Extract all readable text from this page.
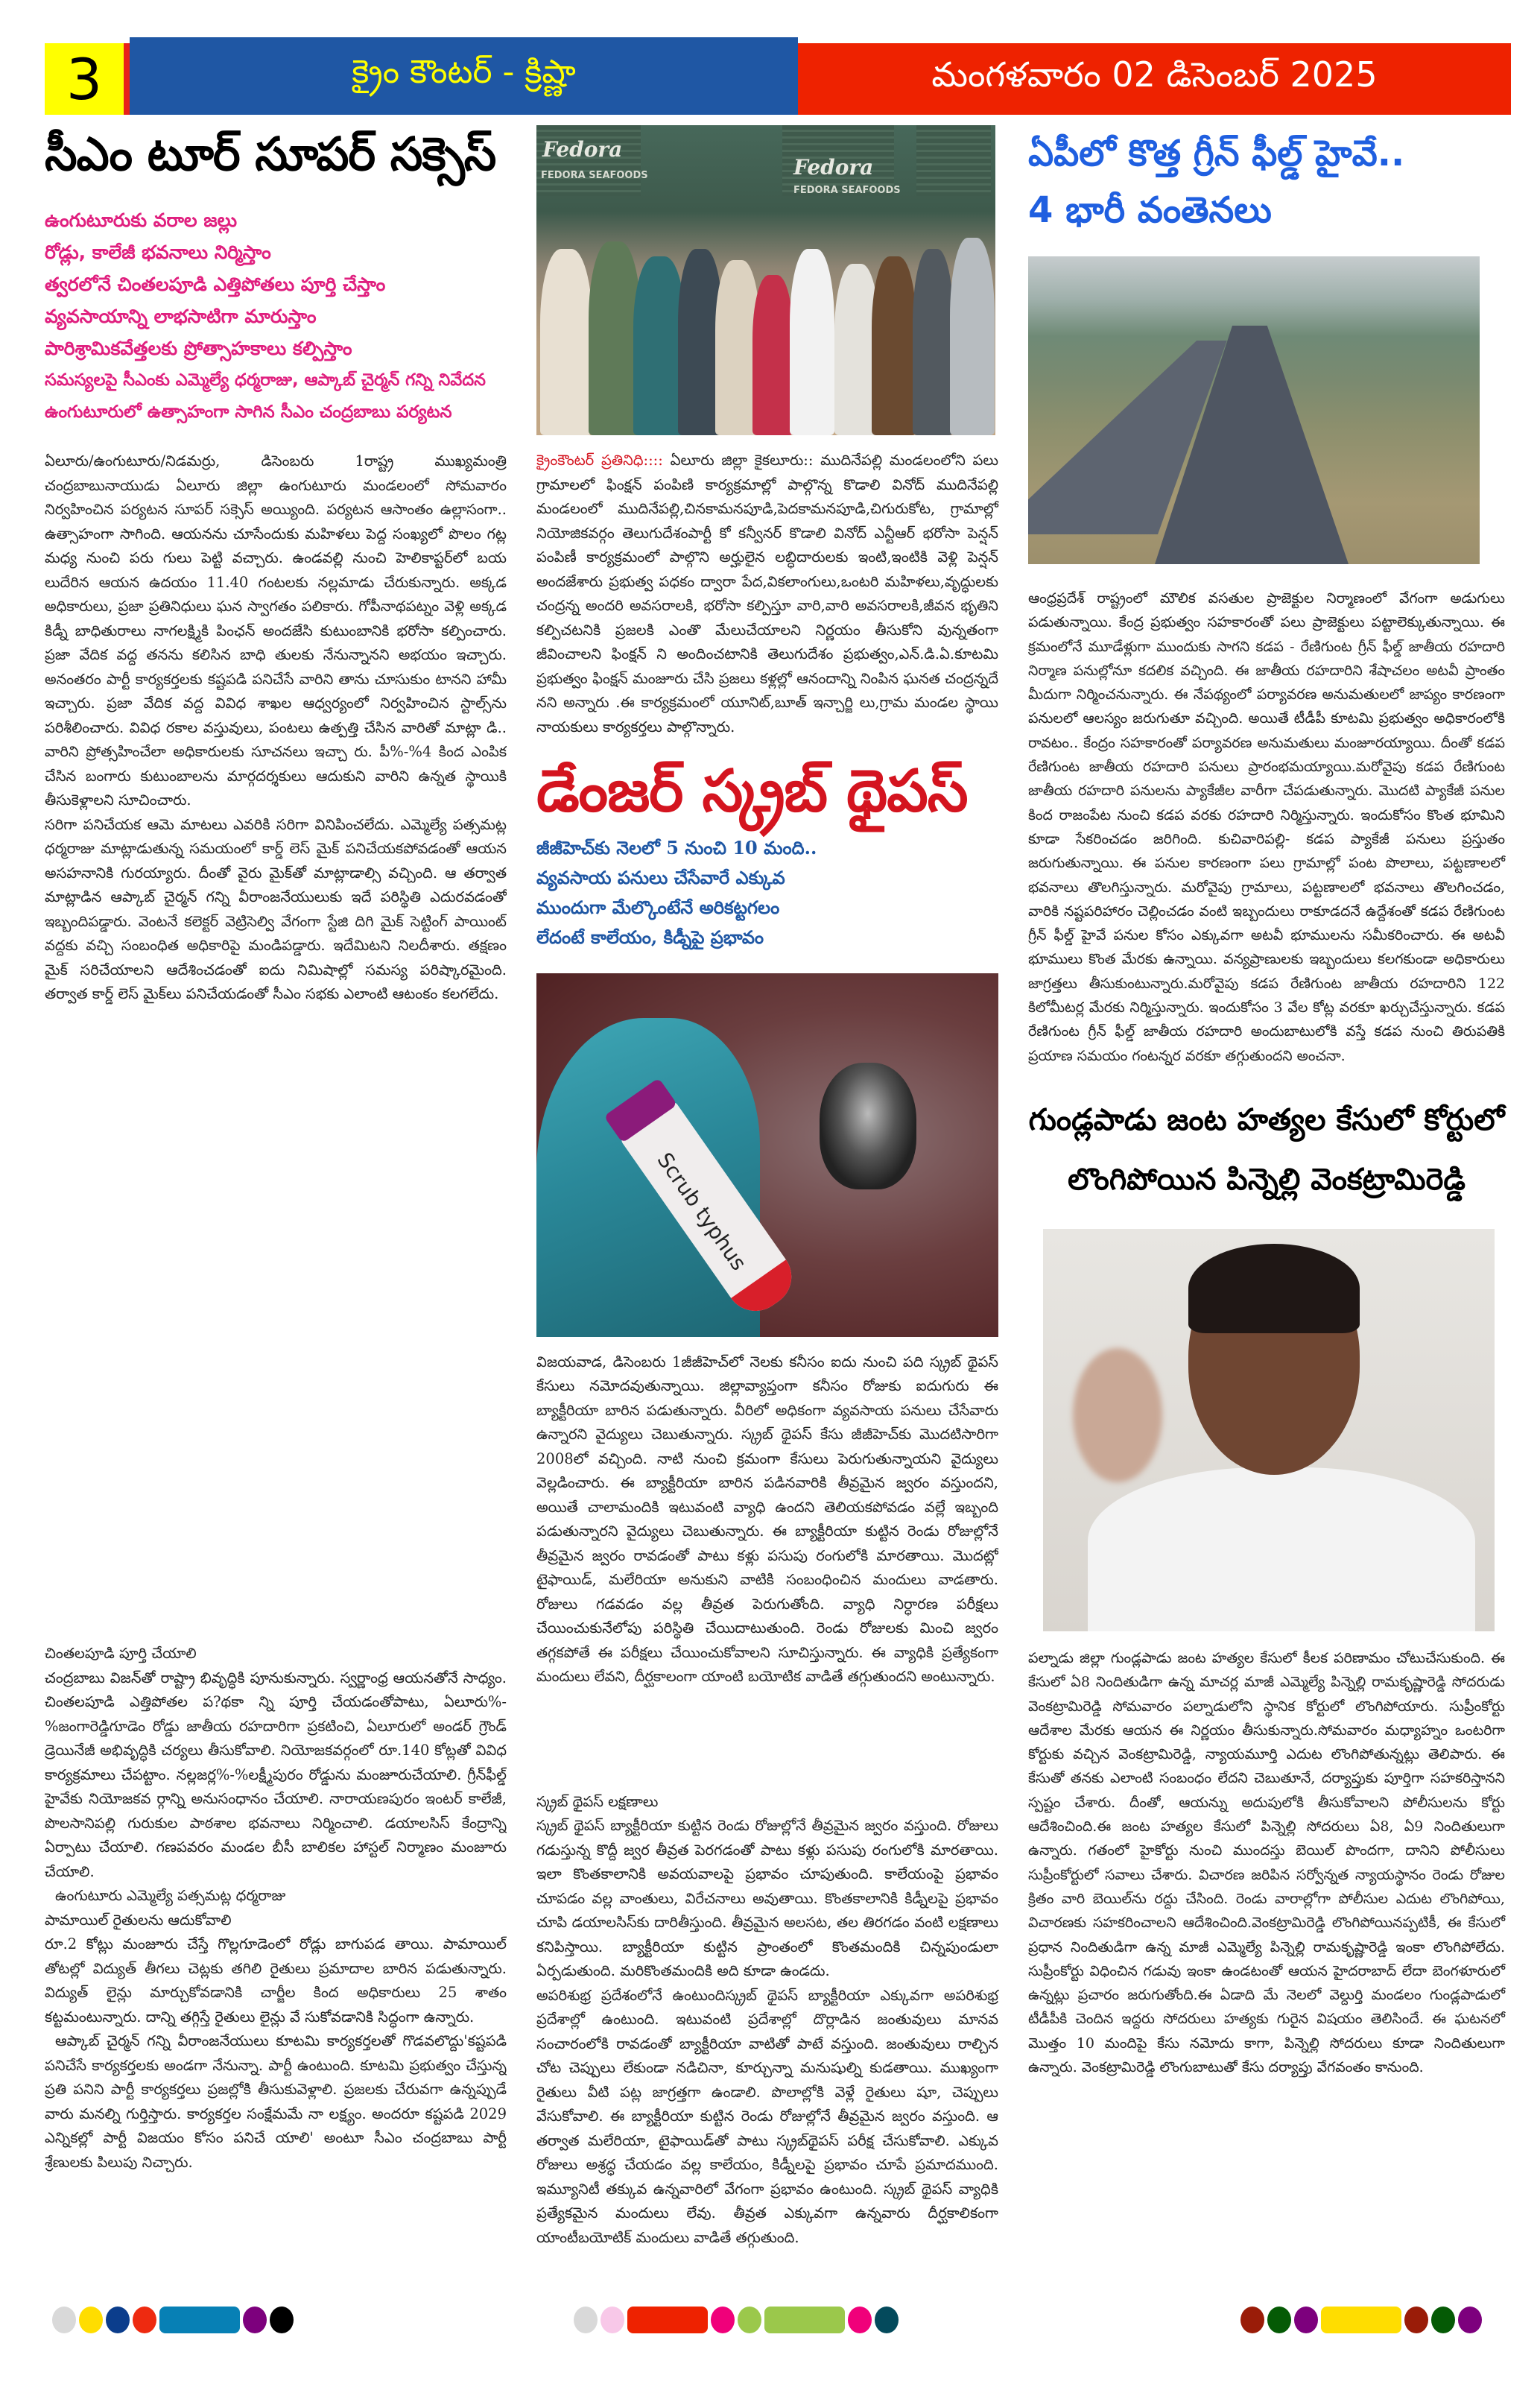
3	క్రైం కౌంటర్ - క్రిష్ణా	మంగళవారం 02 డిసెంబర్ 2025
సీఎం టూర్ సూపర్ సక్సెస్
ఉంగుటూరుకు వరాల జల్లు
రోడ్లు, కాలేజీ భవనాలు నిర్మిస్తాం
త్వరలోనే చింతలపూడి ఎత్తిపోతలు పూర్తి చేస్తాం
వ్యవసాయాన్ని లాభసాటిగా మారుస్తాం
పారిశ్రామికవేత్తలకు ప్రోత్సాహకాలు కల్పిస్తాం
సమస్యలపై సీఎంకు ఎమ్మెల్యే ధర్మరాజు, ఆప్కాబ్ చైర్మన్ గన్ని నివేదన
ఉంగుటూరులో ఉత్సాహంగా సాగిన సీఎం చంద్రబాబు పర్యటన

ఏలూరు/ఉంగుటూరు/నిడమర్రు, డిసెంబరు 1రాష్ట్ర ముఖ్యమంత్రి చంద్రబాబునాయుడు ఏలూరు జిల్లా ఉంగుటూరు మండలంలో సోమవారం నిర్వహించిన పర్యటన సూపర్ సక్సెస్ అయ్యింది. పర్యటన ఆసాంతం ఉల్లాసంగా.. ఉత్సాహంగా సాగింది. ఆయనను చూసేందుకు మహిళలు పెద్ద సంఖ్యలో పొలం గట్ల మధ్య నుంచి పరు గులు పెట్టి వచ్చారు. ఉండవల్లి నుంచి హెలికాప్టర్‌లో బయ లుదేరిన ఆయన ఉదయం 11.40 గంటలకు నల్లమాడు చేరుకున్నారు. అక్కడ అధికారులు, ప్రజా ప్రతినిధులు ఘన స్వాగతం పలికారు. గోపీనాథపట్నం వెళ్లి అక్కడ కిడ్నీ బాధితురాలు నాగలక్ష్మికి పింఛన్ అందజేసి కుటుంబానికి భరోసా కల్పించారు. ప్రజా వేదిక వద్ద తనను కలిసిన బాధి తులకు నేనున్నానని అభయం ఇచ్చారు. అనంతరం పార్టీ కార్యకర్తలకు కష్టపడి పనిచేసే వారిని తాను చూసుకుం టానని హామీ ఇచ్చారు. ప్రజా వేదిక వద్ద వివిధ శాఖల ఆధ్వర్యంలో నిర్వహించిన స్టాల్స్‌ను పరిశీలించారు. వివిధ రకాల వస్తువులు, పంటలు ఉత్పత్తి చేసిన వారితో మాట్లా డి.. వారిని ప్రోత్సహించేలా అధికారులకు సూచనలు ఇచ్చా రు. పీ%-%4 కింద ఎంపిక చేసిన బంగారు కుటుంబాలను మార్గదర్శకులు ఆదుకుని వారిని ఉన్నత స్థాయికి తీసుకెళ్లాలని సూచించారు.

సరిగా పనిచేయక ఆమె మాటలు ఎవరికి సరిగా వినిపించలేదు. ఎమ్మెల్యే పత్సమట్ల ధర్మరాజు మాట్లాడుతున్న సమయంలో కార్డ్ లెస్ మైక్ పనిచేయకపోవడంతో ఆయన అసహనానికి గురయ్యారు. దీంతో వైరు మైక్‌తో మాట్లాడాల్సి వచ్చింది. ఆ తర్వాత మాట్లాడిన ఆప్కాబ్ చైర్మన్ గన్ని వీరాంజనేయులుకు ఇదే పరిస్థితి ఎదురవడంతో ఇబ్బందిపడ్డారు. వెంటనే కలెక్టర్ వెట్రిసెల్వి వేగంగా స్టేజి దిగి మైక్ సెట్టింగ్ పాయింట్ వద్దకు వచ్చి సంబంధిత అధికారిపై మండిపడ్డారు. ఇదేమిటని నిలదీశారు. తక్షణం మైక్ సరిచేయాలని ఆదేశించడంతో ఐదు నిమిషాల్లో సమస్య పరిష్కారమైంది. తర్వాత కార్డ్ లెస్ మైక్‌లు పనిచేయడంతో సీఎం సభకు ఎలాంటి ఆటంకం కలగలేదు.

చింతలపూడి పూర్తి చేయాలి

చంద్రబాబు విజన్‌తో రాష్ట్రా భివృద్ధికి పూనుకున్నారు. స్వర్ణాంధ్ర ఆయనతోనే సాధ్యం. చింతలపూడి ఎత్తిపోతల ప?థకా న్ని పూర్తి చేయడంతోపాటు, ఏలూరు%-%జంగారెడ్డిగూడెం రోడ్డు జాతీయ రహదారిగా ప్రకటించి, ఏలూరులో అండర్ గ్రౌండ్ డ్రెయినేజీ అభివృద్ధికి చర్యలు తీసుకోవాలి. నియోజకవర్గంలో రూ.140 కోట్లతో వివిధ కార్యక్రమాలు చేపట్టాం. నల్లజర్ల%-%లక్ష్మీపురం రోడ్డును మంజూరుచేయాలి. గ్రీన్‌ఫీల్డ్ హైవేకు నియోజకవ ర్గాన్ని అనుసంధానం చేయాలి. నారాయణపురం ఇంటర్ కాలేజీ, పొలసానిపల్లి గురుకుల పాఠశాల భవనాలు నిర్మించాలి. డయాలసిస్ కేంద్రాన్ని ఏర్పాటు చేయాలి. గణపవరం మండల బీసీ బాలికల హాస్టల్ నిర్మాణం మంజూరు చేయాలి.

ఉంగుటూరు ఎమ్మెల్యే పత్సమట్ల ధర్మరాజు
పామాయిల్ రైతులను ఆదుకోవాలి

రూ.2 కోట్లు మంజూరు చేస్తే గొల్లగూడెంలో రోడ్లు బాగుపడ తాయి. పామాయిల్ తోటల్లో విద్యుత్ తీగలు చెట్లకు తగిలి రైతులు ప్రమాదాల బారిన పడుతున్నారు. విద్యుత్ లైన్లు మార్చుకోవడానికి చార్జీల కింద అధికారులు 25 శాతం కట్టమంటున్నారు. దాన్ని తగ్గిస్తే రైతులు లైన్లు వే సుకోవడానికి సిద్ధంగా ఉన్నారు.

ఆప్కాబ్ చైర్మన్ గన్ని వీరాంజనేయులు కూటమి కార్యకర్తలతో గొడవలొద్దు'కష్టపడి పనిచేసే కార్యకర్తలకు అండగా నేనున్నా. పార్టీ ఉంటుంది. కూటమి ప్రభుత్వం చేస్తున్న ప్రతి పనిని పార్టీ కార్యకర్తలు ప్రజల్లోకి తీసుకువెళ్లాలి. ప్రజలకు చేరువగా ఉన్నప్పుడే వారు మనల్ని గుర్తిస్తారు. కార్యకర్తల సంక్షేమమే నా లక్ష్యం. అందరూ కష్టపడి 2029 ఎన్నికల్లో పార్టీ విజయం కోసం పనిచే యాలి' అంటూ సీఎం చంద్రబాబు పార్టీ శ్రేణులకు పిలుపు నిచ్చారు.

Fedora
FEDORA SEAFOODS	Fedora
FEDORA SEAFOODS
క్రైంకౌంటర్ ప్రతినిధి:::: ఏలూరు జిల్లా కైకలూరు:: ముదినేపల్లి మండలంలోని పలు గ్రామాలలో ఫింక్షన్ పంపిణి కార్యక్రమాల్లో పాల్గొన్న కొడాలి వినోద్ ముదినేపల్లి మండలంలో ముదినేపల్లి,చినకామనపూడి,పెదకామనపూడి,చిగురుకోట, గ్రామాల్లో నియోజికవర్గం తెలుగుదేశంపార్టీ కో కన్వీనర్ కొడాలి వినోద్ ఎన్టీఆర్ భరోసా పెన్షన్ పంపిణీ కార్యక్రమంలో పాల్గొని అర్హులైన లబ్ధిదారులకు ఇంటి,ఇంటికి వెళ్లి పెన్షన్ అందజేశారు ప్రభుత్వ పధకం ద్వారా పేద,వికలాంగులు,ఒంటరి మహిళలు,వృద్ధులకు చంద్రన్న అందరి అవసరాలకి, భరోసా కల్పిస్తూ వారి,వారి అవసరాలకి,జీవన భృతిని కల్పిచటనికి ప్రజలకి ఎంతొ మేలుచేయాలని నిర్ణయం తీసుకోని వున్నతంగా జీవించాలని ఫింక్షన్ ని అందించటానికి తెలుగుదేశం ప్రభుత్వం,ఎన్.డి.ఏ.కూటమి ప్రభుత్వం ఫింక్షన్ మంజూరు చేసి ప్రజలు కళ్లల్లో ఆనందాన్ని నింపిన ఘనత చంద్రన్నదే నని అన్నారు .ఈ కార్యక్రమంలో యూనిట్,బూత్ ఇన్చార్జి లు,గ్రామ మండల స్థాయి నాయకులు కార్యకర్తలు పాల్గొన్నారు.
డేంజర్ స్క్రబ్ థైపస్
జీజీహెచ్‌కు నెలలో 5 నుంచి 10 మంది..
వ్యవసాయ పనులు చేసేవారే ఎక్కువ
ముందుగా మేల్కొంటేనే అరికట్టగలం
లేదంటే కాలేయం, కిడ్నీపై ప్రభావం
Scrub typhus

విజయవాడ, డిసెంబరు 1జీజీహెచ్‌లో నెలకు కనీసం ఐదు నుంచి పది స్క్రబ్ థైపస్ కేసులు నమోదవుతున్నాయి. జిల్లావ్యాప్తంగా కనీసం రోజుకు ఐదుగురు ఈ బ్యాక్టీరియా బారిన పడుతున్నారు. వీరిలో అధికంగా వ్యవసాయ పనులు చేసేవారు ఉన్నారని వైద్యులు చెబుతున్నారు. స్క్రబ్ థైపస్ కేసు జీజీహెచ్‌కు మొదటిసారిగా 2008లో వచ్చింది. నాటి నుంచి క్రమంగా కేసులు పెరుగుతున్నాయని వైద్యులు వెల్లడించారు. ఈ బ్యాక్టీరియా బారిన పడినవారికి తీవ్రమైన జ్వరం వస్తుందని, అయితే చాలామందికి ఇటువంటి వ్యాధి ఉందని తెలియకపోవడం వల్లే ఇబ్బంది పడుతున్నారని వైద్యులు చెబుతున్నారు. ఈ బ్యాక్టీరియా కుట్టిన రెండు రోజుల్లోనే తీవ్రమైన జ్వరం రావడంతో పాటు కళ్లు పసుపు రంగులోకి మారతాయి. మొదట్లో టైఫాయిడ్, మలేరియా అనుకుని వాటికి సంబంధించిన మందులు వాడతారు. రోజులు గడవడం వల్ల తీవ్రత పెరుగుతోంది. వ్యాధి నిర్ధారణ పరీక్షలు చేయించుకునేలోపు పరిస్థితి చేయిదాటుతుంది. రెండు రోజులకు మించి జ్వరం తగ్గకపోతే ఈ పరీక్షలు చేయించుకోవాలని సూచిస్తున్నారు. ఈ వ్యాధికి ప్రత్యేకంగా మందులు లేవని, దీర్ఘకాలంగా యాంటి బయోటిక వాడితే తగ్గుతుందని అంటున్నారు.

స్క్రబ్ థైపస్ లక్షణాలు

స్క్రబ్ థైపస్ బ్యాక్టీరియా కుట్టిన రెండు రోజుల్లోనే తీవ్రమైన జ్వరం వస్తుంది. రోజులు గడుస్తున్న కొద్దీ జ్వర తీవ్రత పెరగడంతో పాటు కళ్లు పసుపు రంగులోకి మారతాయి. ఇలా కొంతకాలానికి అవయవాలపై ప్రభావం చూపుతుంది. కాలేయంపై ప్రభావం చూపడం వల్ల వాంతులు, విరేచనాలు అవుతాయి. కొంతకాలానికి కిడ్నీలపై ప్రభావం చూపి డయాలసిస్‌కు దారితీస్తుంది. తీవ్రమైన అలసట, తల తిరగడం వంటి లక్షణాలు కనిపిస్తాయి. బ్యాక్టీరియా కుట్టిన ప్రాంతంలో కొంతమందికి చిన్నపుండులా ఏర్పడుతుంది. మరికొంతమందికి అది కూడా ఉండదు.

అపరిశుభ్ర ప్రదేశంలోనే ఉంటుందిస్క్రబ్ థైపస్ బ్యాక్టీరియా ఎక్కువగా అపరిశుభ్ర ప్రదేశాల్లో ఉంటుంది. ఇటువంటి ప్రదేశాల్లో దొర్లాడిన జంతువులు మానవ సంచారంలోకి రావడంతో బ్యాక్టీరియా వాటితో పాటే వస్తుంది. జంతువులు రాల్చిన చోట చెప్పులు లేకుండా నడిచినా, కూర్చున్నా మనుషుల్ని కుడతాయి. ముఖ్యంగా రైతులు వీటి పట్ల జాగ్రత్తగా ఉండాలి. పొలాల్లోకి వెళ్లే రైతులు షూ, చెప్పులు వేసుకోవాలి. ఈ బ్యాక్టీరియా కుట్టిన రెండు రోజుల్లోనే తీవ్రమైన జ్వరం వస్తుంది. ఆ తర్వాత మలేరియా, టైఫాయిడ్‌తో పాటు స్క్రబ్‌థైపస్ పరీక్ష చేసుకోవాలి. ఎక్కువ రోజులు అశ్రద్ధ చేయడం వల్ల కాలేయం, కిడ్నీలపై ప్రభావం చూపే ప్రమాదముంది. ఇమ్యూనిటీ తక్కువ ఉన్నవారిలో వేగంగా ప్రభావం ఉంటుంది. స్క్రబ్ థైపస్ వ్యాధికి ప్రత్యేకమైన మందులు లేవు. తీవ్రత ఎక్కువగా ఉన్నవారు దీర్ఘకాలికంగా యాంటీబయోటిక్ మందులు వాడితే తగ్గుతుంది.

ఏపీలో కొత్త గ్రీన్ ఫీల్డ్ హైవే..
4 భారీ వంతెనలు

ఆంధ్రప్రదేశ్ రాష్ట్రంలో మౌలిక వసతుల ప్రాజెక్టుల నిర్మాణంలో వేగంగా అడుగులు పడుతున్నాయి. కేంద్ర ప్రభుత్వం సహకారంతో పలు ప్రాజెక్టులు పట్టాలెక్కుతున్నాయి. ఈ క్రమంలోనే మూడేళ్లుగా ముందుకు సాగని కడప - రేణిగుంట గ్రీన్ ఫీల్డ్ జాతీయ రహదారి నిర్మాణ పనుల్లోనూ కదలిక వచ్చింది. ఈ జాతీయ రహదారిని శేషాచలం అటవీ ప్రాంతం మీదుగా నిర్మించనున్నారు. ఈ నేపథ్యంలో పర్యావరణ అనుమతులలో జాప్యం కారణంగా పనులలో ఆలస్యం జరుగుతూ వచ్చింది. అయితే టీడీపీ కూటమి ప్రభుత్వం అధికారంలోకి రావటం.. కేంద్రం సహకారంతో పర్యావరణ అనుమతులు మంజూరయ్యాయి. దీంతో కడప రేణిగుంట జాతీయ రహదారి పనులు ప్రారంభమయ్యాయి.మరోవైపు కడప రేణిగుంట జాతీయ రహదారి పనులను ప్యాకేజీల వారీగా చేపడుతున్నారు. మొదటి ప్యాకేజీ పనుల కింద రాజంపేట నుంచి కడప వరకు రహదారి నిర్మిస్తున్నారు. ఇందుకోసం కొంత భూమిని కూడా సేకరించడం జరిగింది. కుచివారిపల్లి- కడప ప్యాకేజీ పనులు ప్రస్తుతం జరుగుతున్నాయి. ఈ పనుల కారణంగా పలు గ్రామాల్లో పంట పొలాలు, పట్టణాలలో భవనాలు తొలగిస్తున్నారు. మరోవైపు గ్రామాలు, పట్టణాలలో భవనాలు తొలగించడం, వారికి నష్టపరిహారం చెల్లించడం వంటి ఇబ్బందులు రాకూడదనే ఉద్దేశంతో కడప రేణిగుంట గ్రీన్ ఫీల్డ్ హైవే పనుల కోసం ఎక్కువగా అటవీ భూములను సమీకరించారు. ఈ అటవీ భూములు కొంత మేరకు ఉన్నాయి. వన్యప్రాణులకు ఇబ్బందులు కలగకుండా అధికారులు జాగ్రత్తలు తీసుకుంటున్నారు.మరోవైపు కడప రేణిగుంట జాతీయ రహదారిని 122 కిలోమీటర్ల మేరకు నిర్మిస్తున్నారు. ఇందుకోసం 3 వేల కోట్ల వరకూ ఖర్చుచేస్తున్నారు. కడప రేణిగుంట గ్రీన్ ఫీల్డ్ జాతీయ రహదారి అందుబాటులోకి వస్తే కడప నుంచి తిరుపతికి ప్రయాణ సమయం గంటన్నర వరకూ తగ్గుతుందని అంచనా.

గుండ్లపాడు జంట హత్యల కేసులో కోర్టులో
లొంగిపోయిన పిన్నెల్లి వెంకట్రామిరెడ్డి

పల్నాడు జిల్లా గుండ్లపాడు జంట హత్యల కేసులో కీలక పరిణామం చోటుచేసుకుంది. ఈ కేసులో ఏ8 నిందితుడిగా ఉన్న మాచర్ల మాజీ ఎమ్మెల్యే పిన్నెల్లి రామకృష్ణారెడ్డి సోదరుడు వెంకట్రామిరెడ్డి సోమవారం పల్నాడులోని స్థానిక కోర్టులో లొంగిపోయారు. సుప్రీంకోర్టు ఆదేశాల మేరకు ఆయన ఈ నిర్ణయం తీసుకున్నారు.సోమవారం మధ్యాహ్నం ఒంటరిగా కోర్టుకు వచ్చిన వెంకట్రామిరెడ్డి, న్యాయమూర్తి ఎదుట లొంగిపోతున్నట్లు తెలిపారు. ఈ కేసుతో తనకు ఎలాంటి సంబంధం లేదని చెబుతూనే, దర్యాప్తుకు పూర్తిగా సహకరిస్తానని స్పష్టం చేశారు. దీంతో, ఆయన్ను అదుపులోకి తీసుకోవాలని పోలీసులను కోర్టు ఆదేశించింది.ఈ జంట హత్యల కేసులో పిన్నెల్లి సోదరులు ఏ8, ఏ9 నిందితులుగా ఉన్నారు. గతంలో హైకోర్టు నుంచి ముందస్తు బెయిల్ పొందగా, దానిని పోలీసులు సుప్రీంకోర్టులో సవాలు చేశారు. విచారణ జరిపిన సర్వోన్నత న్యాయస్థానం రెండు రోజుల క్రితం వారి బెయిల్‌ను రద్దు చేసింది. రెండు వారాల్లోగా పోలీసుల ఎదుట లొంగిపోయి, విచారణకు సహకరించాలని ఆదేశించింది.వెంకట్రామిరెడ్డి లొంగిపోయినప్పటికీ, ఈ కేసులో ప్రధాన నిందితుడిగా ఉన్న మాజీ ఎమ్మెల్యే పిన్నెల్లి రామకృష్ణారెడ్డి ఇంకా లొంగిపోలేదు. సుప్రీంకోర్టు విధించిన గడువు ఇంకా ఉండటంతో ఆయన హైదరాబాద్ లేదా బెంగళూరులో ఉన్నట్లు ప్రచారం జరుగుతోంది.ఈ ఏడాది మే నెలలో వెల్దుర్తి మండలం గుండ్లపాడులో టీడీపీకి చెందిన ఇద్దరు సోదరులు హత్యకు గురైన విషయం తెలిసిందే. ఈ ఘటనలో మొత్తం 10 మందిపై కేసు నమోదు కాగా, పిన్నెల్లి సోదరులు కూడా నిందితులుగా ఉన్నారు. వెంకట్రామిరెడ్డి లొంగుబాటుతో కేసు దర్యాప్తు వేగవంతం కానుంది.
